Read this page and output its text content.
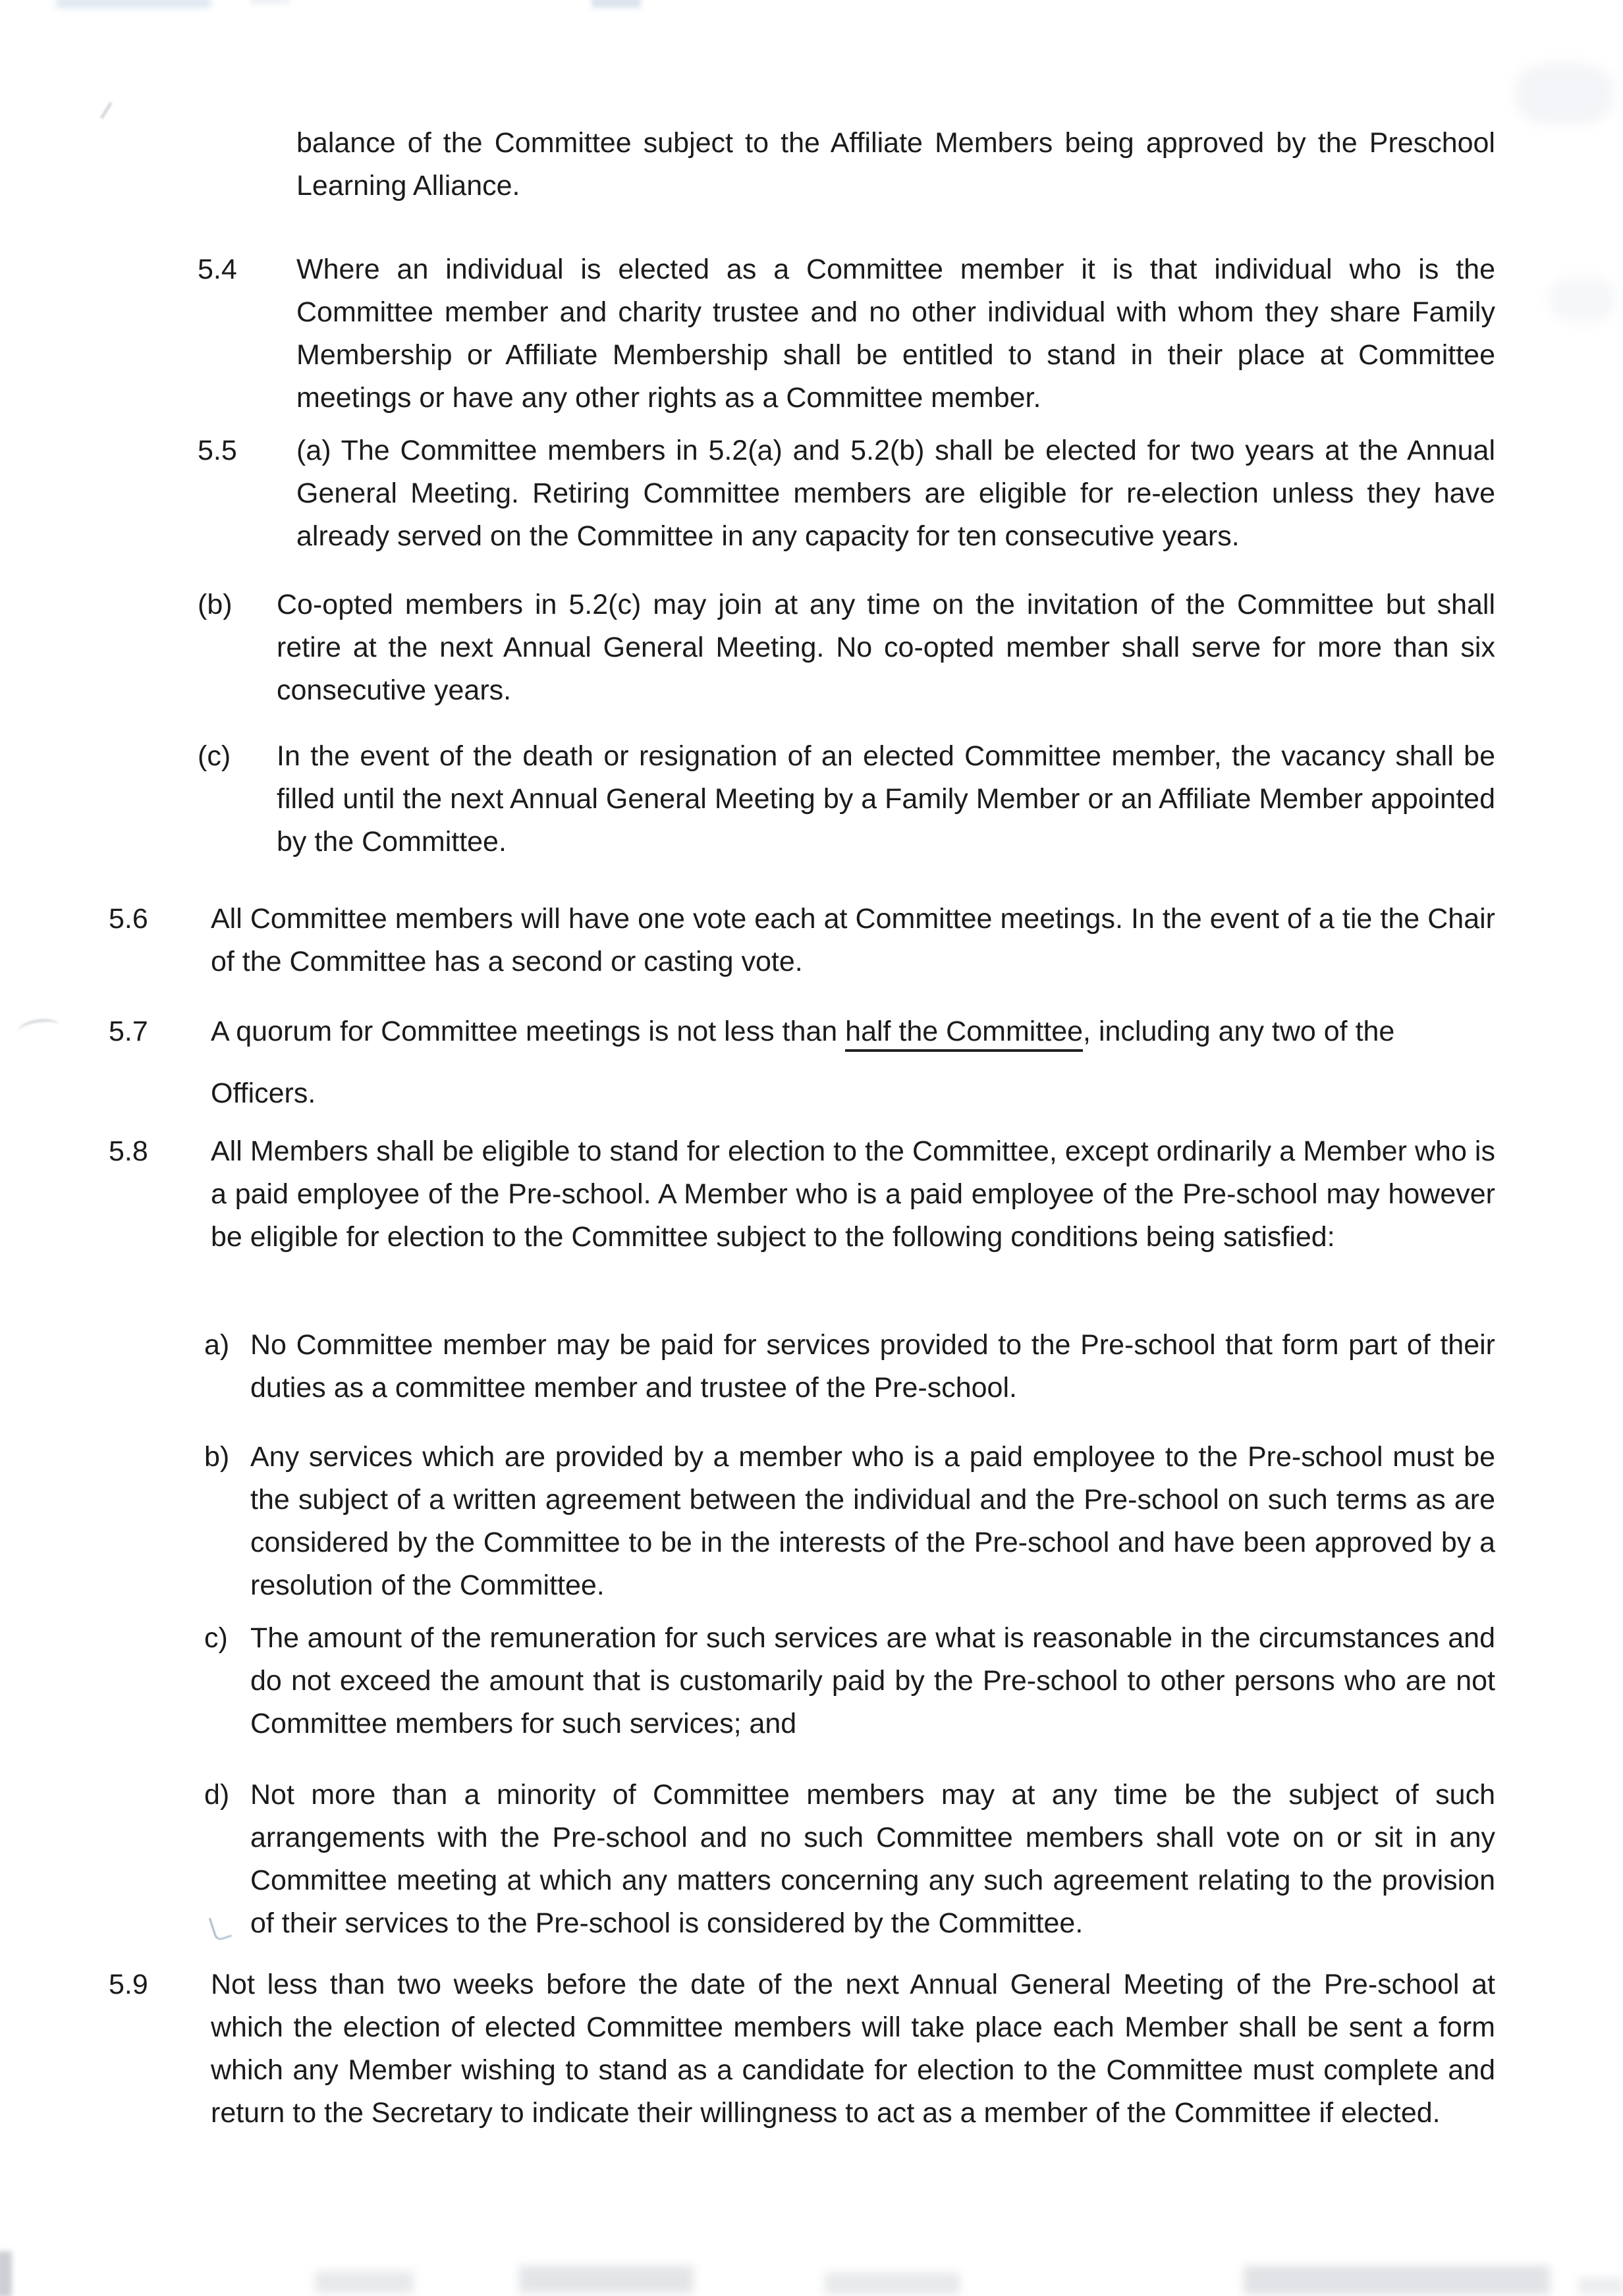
balance of the Committee subject to the Affiliate Members being approved by the Preschool Learning Alliance.

5.4 Where an individual is elected as a Committee member it is that individual who is the Committee member and charity trustee and no other individual with whom they share Family Membership or Affiliate Membership shall be entitled to stand in their place at Committee meetings or have any other rights as a Committee member.
5.5 (a) The Committee members in 5.2(a) and 5.2(b) shall be elected for two years at the Annual General Meeting. Retiring Committee members are eligible for re-election unless they have already served on the Committee in any capacity for ten consecutive years.
(b) Co-opted members in 5.2(c) may join at any time on the invitation of the Committee but shall retire at the next Annual General Meeting. No co-opted member shall serve for more than six consecutive years.
(c) In the event of the death or resignation of an elected Committee member, the vacancy shall be filled until the next Annual General Meeting by a Family Member or an Affiliate Member appointed by the Committee.
5.6 All Committee members will have one vote each at Committee meetings. In the event of a tie the Chair of the Committee has a second or casting vote.
5.7 A quorum for Committee meetings is not less than half the Committee, including any two of the
Officers.
5.8 All Members shall be eligible to stand for election to the Committee, except ordinarily a Member who is a paid employee of the Pre-school. A Member who is a paid employee of the Pre-school may however be eligible for election to the Committee subject to the following conditions being satisfied:
a) No Committee member may be paid for services provided to the Pre-school that form part of their duties as a committee member and trustee of the Pre-school.
b) Any services which are provided by a member who is a paid employee to the Pre-school must be the subject of a written agreement between the individual and the Pre-school on such terms as are considered by the Committee to be in the interests of the Pre-school and have been approved by a resolution of the Committee.
c) The amount of the remuneration for such services are what is reasonable in the circumstances and do not exceed the amount that is customarily paid by the Pre-school to other persons who are not Committee members for such services; and
d) Not more than a minority of Committee members may at any time be the subject of such arrangements with the Pre-school and no such Committee members shall vote on or sit in any Committee meeting at which any matters concerning any such agreement relating to the provision of their services to the Pre-school is considered by the Committee.
5.9 Not less than two weeks before the date of the next Annual General Meeting of the Pre-school at which the election of elected Committee members will take place each Member shall be sent a form which any Member wishing to stand as a candidate for election to the Committee must complete and return to the Secretary to indicate their willingness to act as a member of the Committee if elected.
